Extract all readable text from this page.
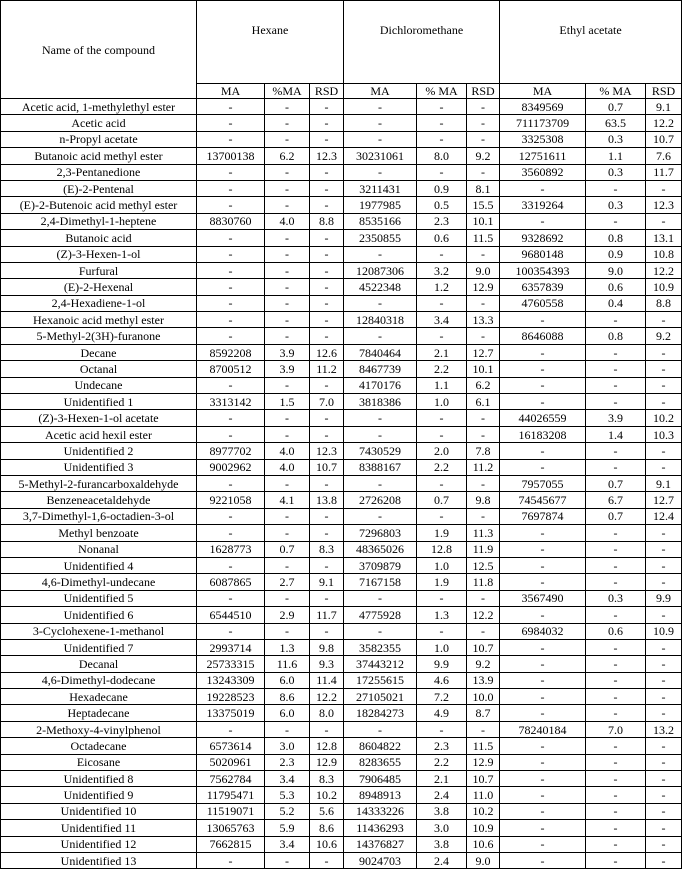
Name of the compound	Hexane			Dichloromethane			Ethyl acetate		
	MA	%MA	RSD	MA	% MA	RSD	MA	% MA	RSD
Acetic acid, 1-methylethyl ester	-	-	-	-	-	-	8349569	0.7	9.1
Acetic acid	-	-	-	-	-	-	711173709	63.5	12.2
n-Propyl acetate	-	-	-	-	-	-	3325308	0.3	10.7
Butanoic acid methyl ester	13700138	6.2	12.3	30231061	8.0	9.2	12751611	1.1	7.6
2,3-Pentanedione	-	-	-	-	-	-	3560892	0.3	11.7
(E)-2-Pentenal	-	-	-	3211431	0.9	8.1	-	-	-
(E)-2-Butenoic acid methyl ester	-	-	-	1977985	0.5	15.5	3319264	0.3	12.3
2,4-Dimethyl-1-heptene	8830760	4.0	8.8	8535166	2.3	10.1	-	-	-
Butanoic acid	-	-	-	2350855	0.6	11.5	9328692	0.8	13.1
(Z)-3-Hexen-1-ol	-	-	-	-	-	-	9680148	0.9	10.8
Furfural	-	-	-	12087306	3.2	9.0	100354393	9.0	12.2
(E)-2-Hexenal	-	-	-	4522348	1.2	12.9	6357839	0.6	10.9
2,4-Hexadiene-1-ol	-	-	-	-	-	-	4760558	0.4	8.8
Hexanoic acid methyl ester	-	-	-	12840318	3.4	13.3	-	-	-
5-Methyl-2(3H)-furanone	-	-	-	-	-	-	8646088	0.8	9.2
Decane	8592208	3.9	12.6	7840464	2.1	12.7	-	-	-
Octanal	8700512	3.9	11.2	8467739	2.2	10.1	-	-	-
Undecane	-	-	-	4170176	1.1	6.2	-	-	-
Unidentified 1	3313142	1.5	7.0	3818386	1.0	6.1	-	-	-
(Z)-3-Hexen-1-ol acetate	-	-	-	-	-	-	44026559	3.9	10.2
Acetic acid hexil ester	-	-	-	-	-	-	16183208	1.4	10.3
Unidentified 2	8977702	4.0	12.3	7430529	2.0	7.8	-	-	-
Unidentified 3	9002962	4.0	10.7	8388167	2.2	11.2	-	-	-
5-Methyl-2-furancarboxaldehyde	-	-	-	-	-	-	7957055	0.7	9.1
Benzeneacetaldehyde	9221058	4.1	13.8	2726208	0.7	9.8	74545677	6.7	12.7
3,7-Dimethyl-1,6-octadien-3-ol	-	-	-	-	-	-	7697874	0.7	12.4
Methyl benzoate	-	-	-	7296803	1.9	11.3	-	-	-
Nonanal	1628773	0.7	8.3	48365026	12.8	11.9	-	-	-
Unidentified 4	-	-	-	3709879	1.0	12.5	-	-	-
4,6-Dimethyl-undecane	6087865	2.7	9.1	7167158	1.9	11.8	-	-	-
Unidentified 5	-	-	-	-	-	-	3567490	0.3	9.9
Unidentified 6	6544510	2.9	11.7	4775928	1.3	12.2	-	-	-
3-Cyclohexene-1-methanol	-	-	-	-	-	-	6984032	0.6	10.9
Unidentified 7	2993714	1.3	9.8	3582355	1.0	10.7	-	-	-
Decanal	25733315	11.6	9.3	37443212	9.9	9.2	-	-	-
4,6-Dimethyl-dodecane	13243309	6.0	11.4	17255615	4.6	13.9	-	-	-
Hexadecane	19228523	8.6	12.2	27105021	7.2	10.0	-	-	-
Heptadecane	13375019	6.0	8.0	18284273	4.9	8.7	-	-	-
2-Methoxy-4-vinylphenol	-	-	-	-	-	-	78240184	7.0	13.2
Octadecane	6573614	3.0	12.8	8604822	2.3	11.5	-	-	-
Eicosane	5020961	2.3	12.9	8283655	2.2	12.9	-	-	-
Unidentified 8	7562784	3.4	8.3	7906485	2.1	10.7	-	-	-
Unidentified 9	11795471	5.3	10.2	8948913	2.4	11.0	-	-	-
Unidentified 10	11519071	5.2	5.6	14333226	3.8	10.2	-	-	-
Unidentified 11	13065763	5.9	8.6	11436293	3.0	10.9	-	-	-
Unidentified 12	7662815	3.4	10.6	14376827	3.8	10.6	-	-	-
Unidentified 13	-	-	-	9024703	2.4	9.0	-	-	-
